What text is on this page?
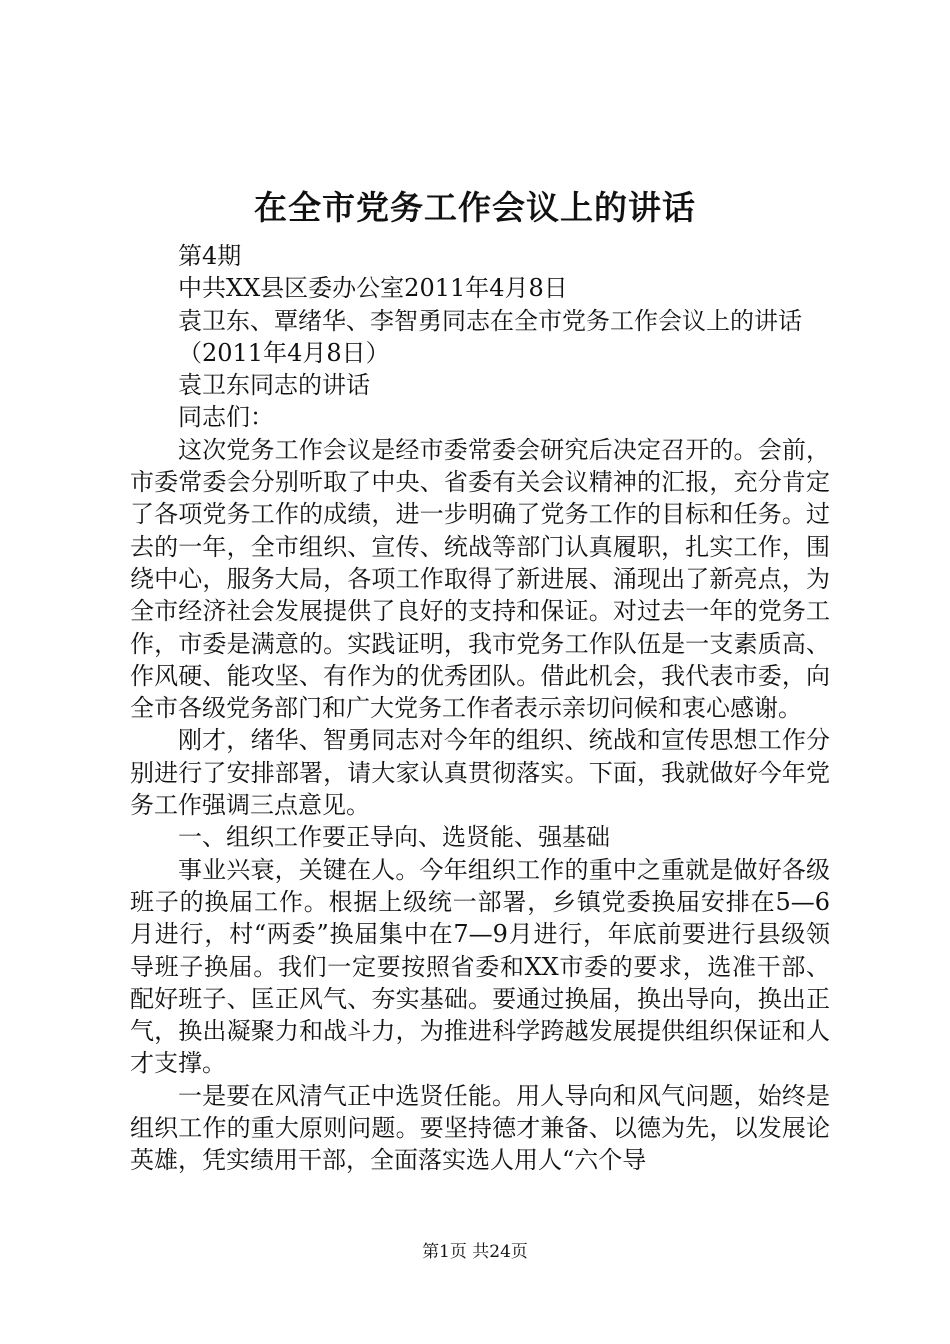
在全市党务工作会议上的讲话

第4期

中共XX县区委办公室2011年4月8日

袁卫东、覃绪华、李智勇同志在全市党务工作会议上的讲话

（2011年4月8日）

袁卫东同志的讲话

同志们：

这次党务工作会议是经市委常委会研究后决定召开的。会前，市委常委会分别听取了中央、省委有关会议精神的汇报，充分肯定了各项党务工作的成绩，进一步明确了党务工作的目标和任务。过去的一年，全市组织、宣传、统战等部门认真履职，扎实工作，围绕中心，服务大局，各项工作取得了新进展、涌现出了新亮点，为全市经济社会发展提供了良好的支持和保证。对过去一年的党务工作，市委是满意的。实践证明，我市党务工作队伍是一支素质高、作风硬、能攻坚、有作为的优秀团队。借此机会，我代表市委，向全市各级党务部门和广大党务工作者表示亲切问候和衷心感谢。

刚才，绪华、智勇同志对今年的组织、统战和宣传思想工作分别进行了安排部署，请大家认真贯彻落实。下面，我就做好今年党务工作强调三点意见。

一、组织工作要正导向、选贤能、强基础

事业兴衰，关键在人。今年组织工作的重中之重就是做好各级班子的换届工作。根据上级统一部署，乡镇党委换届安排在5—6月进行，村“两委”换届集中在7—9月进行，年底前要进行县级领导班子换届。我们一定要按照省委和XX市委的要求，选准干部、配好班子、匡正风气、夯实基础。要通过换届，换出导向，换出正气，换出凝聚力和战斗力，为推进科学跨越发展提供组织保证和人才支撑。

一是要在风清气正中选贤任能。用人导向和风气问题，始终是组织工作的重大原则问题。要坚持德才兼备、以德为先，以发展论英雄，凭实绩用干部，全面落实选人用人“六个导

第1页 共24页
